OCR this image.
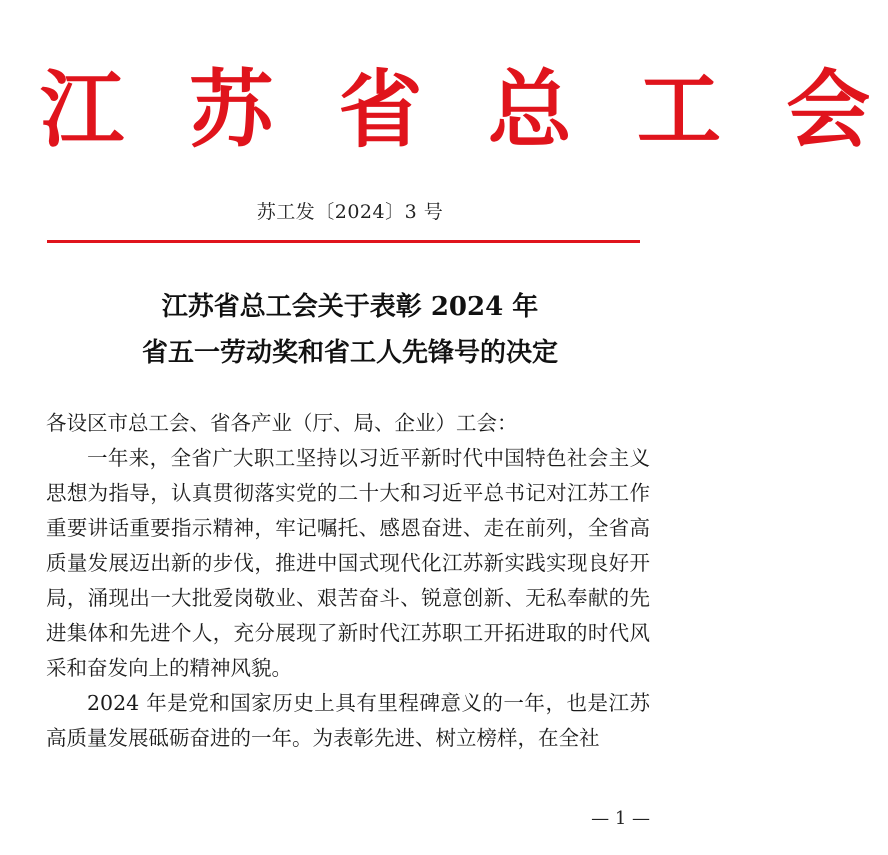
江 苏 省 总 工 会
苏工发〔2024〕3 号
江苏省总工会关于表彰 2024 年
省五一劳动奖和省工人先锋号的决定

各设区市总工会、省各产业（厅、局、企业）工会：

一年来，全省广大职工坚持以习近平新时代中国特色社会主义思想为指导，认真贯彻落实党的二十大和习近平总书记对江苏工作重要讲话重要指示精神，牢记嘱托、感恩奋进、走在前列，全省高质量发展迈出新的步伐，推进中国式现代化江苏新实践实现良好开局，涌现出一大批爱岗敬业、艰苦奋斗、锐意创新、无私奉献的先进集体和先进个人，充分展现了新时代江苏职工开拓进取的时代风采和奋发向上的精神风貌。

2024 年是党和国家历史上具有里程碑意义的一年，也是江苏高质量发展砥砺奋进的一年。为表彰先进、树立榜样，在全社

— 1 —
